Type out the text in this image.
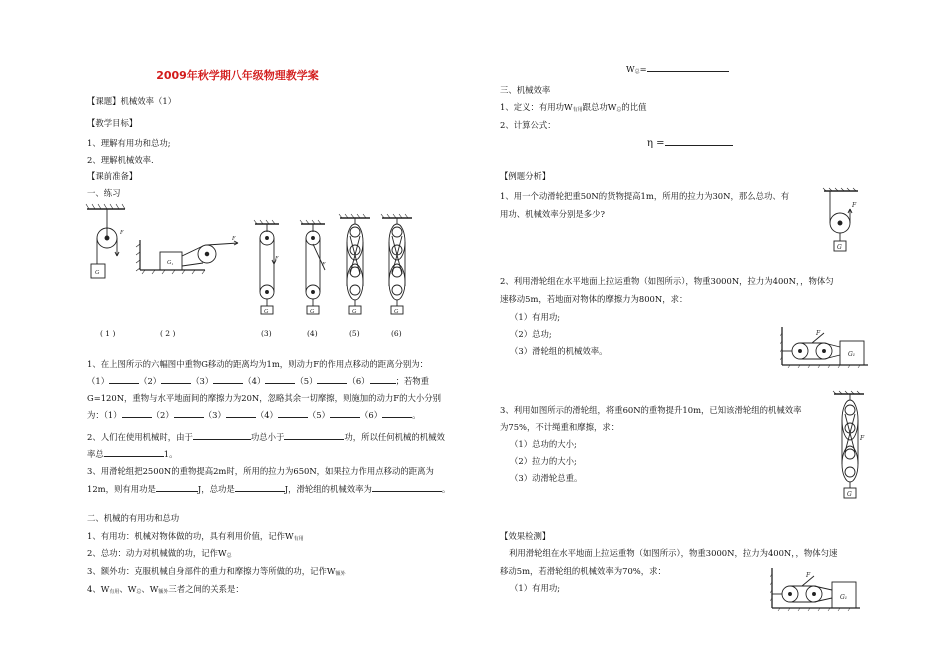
2009年秋学期八年级物理教学案
【课题】机械效率（1）
【教学目标】
1、理解有用功和总功;
2、理解机械效率.
【课前准备】
一、练习
F
G
G₁
F
F
G
F
G	G	G
( 1 )	( 2 )	(3)	(4)	(5)	(6)
1、在上图所示的六幅图中重物G移动的距离均为1m，则动力F的作用点移动的距离分别为：
（1）	（2）	（3）	（4）	（5）	（6）	；若物重
G=120N，重物与水平地面间的摩擦力为20N，忽略其余一切摩擦，则施加的动力F的大小分别
为：（1）	（2）	（3）	（4）	（5）	（6）	。
2、人们在使用机械时，由于	功总小于	功，所以任何机械的机械效
率总	1。
3、用滑轮组把2500N的重物提高2m时，所用的拉力为650N，如果拉力作用点移动的距离为
12m，则有用功是	J，总功是	J，滑轮组的机械效率为	。
二、机械的有用功和总功
1、有用功：机械对物体做的功，具有利用价值，记作$W_{有用}$
2、总功：动力对机械做的功，记作$W_总$
3、额外功：克服机械自身部件的重力和摩擦力等所做的功，记作$W_{额外}$
4、$W_{有用}$、$W_总$、$W_{额外}$三者之间的关系是：
$W_总=$
三、机械效率
1、定义：有用功$W_{有用}$跟总功$W_总$的比值
2、计算公式：
η =
【例题分析】
1、用一个动滑轮把重50N的货物提高1m，所用的拉力为30N，那么总功、有
用功、机械效率分别是多少?
F
G
2、利用滑轮组在水平地面上拉运重物（如图所示），物重3000N，拉力为400N，，物体匀
速移动5m，若地面对物体的摩擦力为800N，求：
（1）有用功;
（2）总功;
（3）滑轮组的机械效率。
F
G₁
3、利用如图所示的滑轮组，将重60N的重物提升10m，已知该滑轮组的机械效率
为75%，不计绳重和摩擦，求：
（1）总功的大小;
（2）拉力的大小;
（3）动滑轮总重。
F
G
【效果检测】
利用滑轮组在水平地面上拉运重物（如图所示），物重3000N，拉力为400N，，物体匀速
移动5m，若滑轮组的机械效率为70%，求：
（1）有用功;
F
G₁
